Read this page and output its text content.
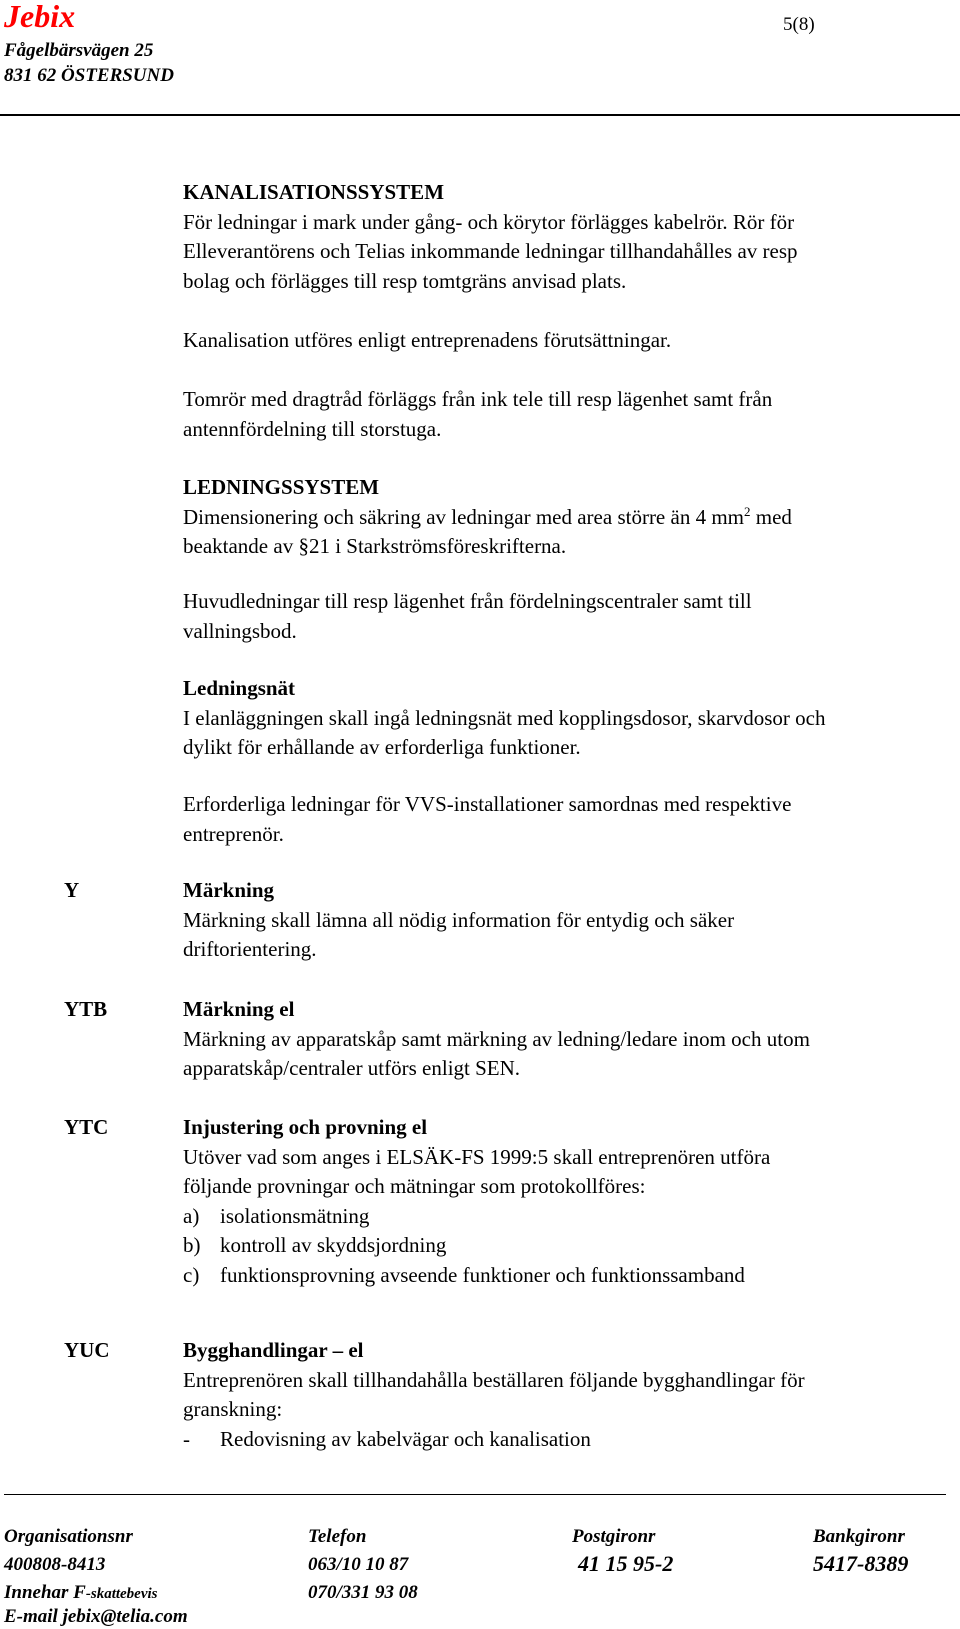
Jebix
Fågelbärsvägen 25
831 62 ÖSTERSUND
5(8)

KANALISATIONSSYSTEM

För ledningar i mark under gång- och körytor förlägges kabelrör. Rör för

Elleverantörens och Telias inkommande ledningar tillhandahålles av resp

bolag och förlägges till resp tomtgräns anvisad plats.

Kanalisation utföres enligt entreprenadens förutsättningar.

Tomrör med dragtråd förläggs från ink tele till resp lägenhet samt från

antennfördelning till storstuga.

LEDNINGSSYSTEM

Dimensionering och säkring av ledningar med area större än 4 $mm^2$ med

beaktande av §21 i Starkströmsföreskrifterna.

Huvudledningar till resp lägenhet från fördelningscentraler samt till

vallningsbod.

Ledningsnät

I elanläggningen skall ingå ledningsnät med kopplingsdosor, skarvdosor och

dylikt för erhållande av erforderliga funktioner.

Erforderliga ledningar för VVS-installationer samordnas med respektive

entreprenör.

Y	Märkning

Märkning skall lämna all nödig information för entydig och säker

driftorientering.

YTB	Märkning el

Märkning av apparatskåp samt märkning av ledning/ledare inom och utom

apparatskåp/centraler utförs enligt SEN.

YTC	Injustering och provning el

Utöver vad som anges i ELSÄK-FS 1999:5 skall entreprenören utföra

följande provningar och mätningar som protokollföres:

a) isolationsmätning
b) kontroll av skyddsjordning
c) funktionsprovning avseende funktioner och funktionssamband
YUC	Bygghandlingar – el

Entreprenören skall tillhandahålla beställaren följande bygghandlingar för

granskning:

-	Redovisning av kabelvägar och kanalisation
Organisationsnr
400808-8413
Innehar F-skattebevis
E-mail jebix@telia.com
Telefon
063/10 10 87
070/331 93 08
Postgironr
41 15 95-2
Bankgironr
5417-8389
